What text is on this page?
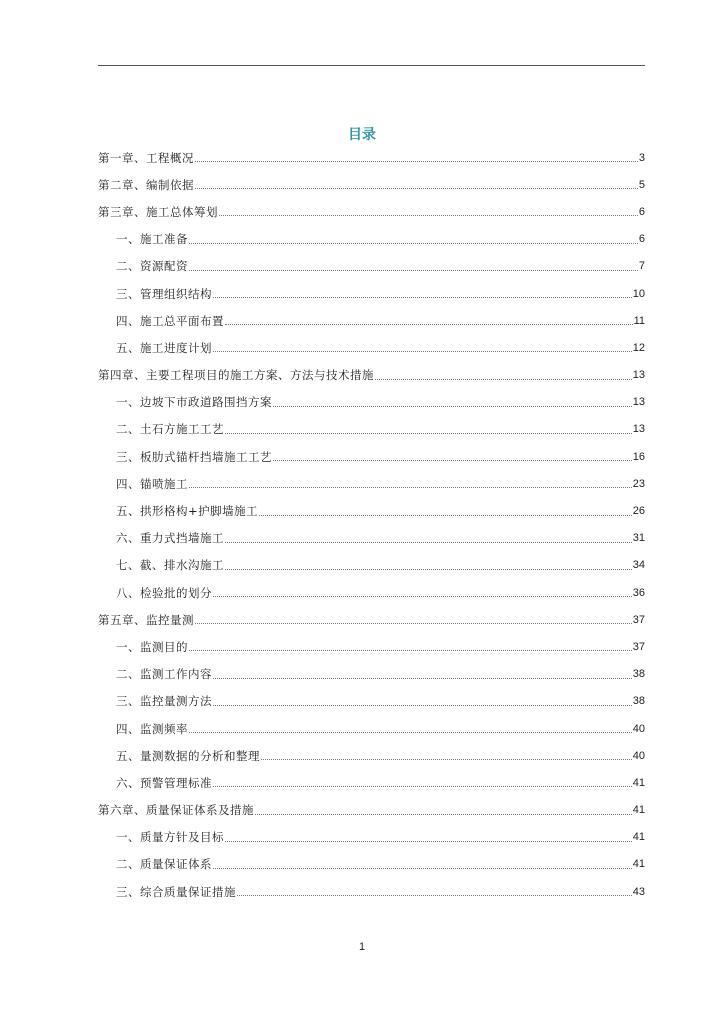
目录
第一章、工程概况	3
第二章、编制依据	5
第三章、施工总体筹划	6
一、施工准备	6
二、资源配资	7
三、管理组织结构	10
四、施工总平面布置	11
五、施工进度计划	12
第四章、主要工程项目的施工方案、方法与技术措施	13
一、边坡下市政道路围挡方案	13
二、土石方施工工艺	13
三、板肋式锚杆挡墙施工工艺	16
四、锚喷施工	23
五、拱形格构+护脚墙施工	26
六、重力式挡墙施工	31
七、截、排水沟施工	34
八、检验批的划分	36
第五章、监控量测	37
一、监测目的	37
二、监测工作内容	38
三、监控量测方法	38
四、监测频率	40
五、量测数据的分析和整理	40
六、预警管理标准	41
第六章、质量保证体系及措施	41
一、质量方针及目标	41
二、质量保证体系	41
三、综合质量保证措施	43
1
